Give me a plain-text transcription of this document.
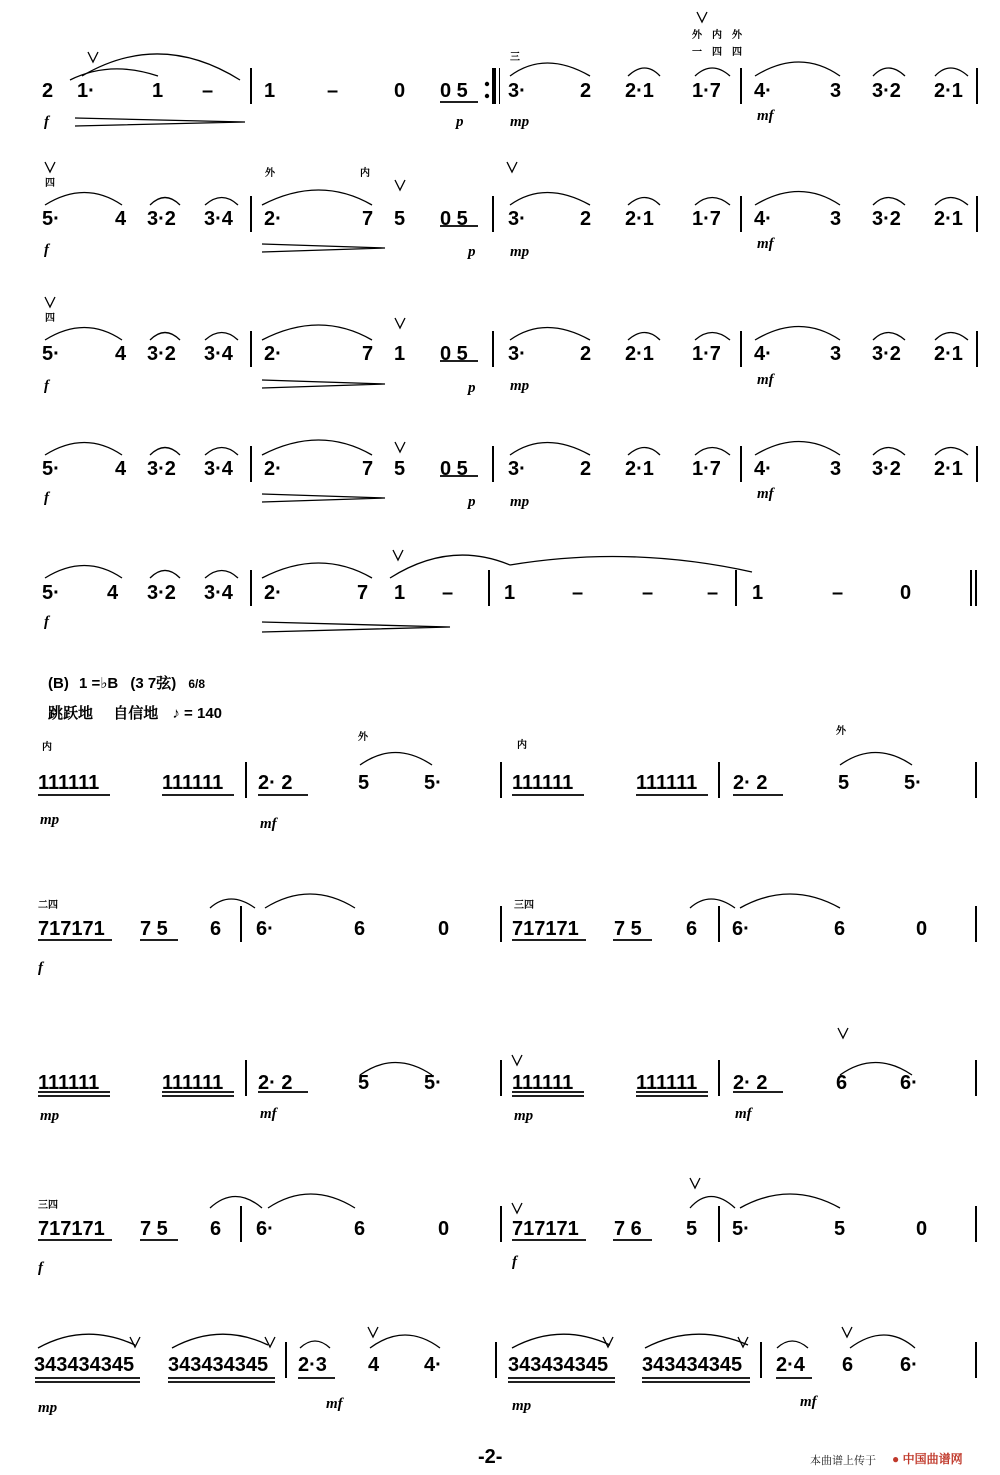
2 1·	1 –	1	–	0 0 5 3·	2 2·1 1·7 4·	3 3·2 2·1
f	p	mp	mf
外　内　外
一　四　四
三
5·	4 3·2 3·4 2·	7 5 0 5 3·	2 2·1 1·7 4·	3 3·2 2·1
f	p mp	mf
四
外	内
5·	4 3·2 3·4 2·	7 1 0 5 3·	2 2·1 1·7 4·	3 3·2 2·1
f	p mp	mf
四
5·	4 3·2 3·4 2·	7 5 0 5 3·	2 2·1 1·7 4·	3 3·2 2·1
f	p mp	mf
5· 4 3·2 3·4 2·	7 1 –	1	–	–	– 1	–	0
f
(B) 1 =♭B (3 7弦) 6/8
跳跃地 自信地 ♪ = 140
111111	111111 2· 2	5	5·	111111	111111 2· 2	5	5·
mp	mf
内
外
内
外
717171 7 5 6 6·	6	0	717171 7 5 6 6·	6	0
f
二四	三四
111111	111111 2· 2	5	5·	111111	111111 2· 2	6	6·
mp	mf	mp	mf
717171 7 5 6 6·	6	0	717171 7 6 5 5·	5	0
f	f
三四
343434345 343434345 2·3 4 4·	343434345 343434345 2·4 6 6·
mp	mf	mp	mf
-2-	本曲谱上传于 ● 中国曲谱网
